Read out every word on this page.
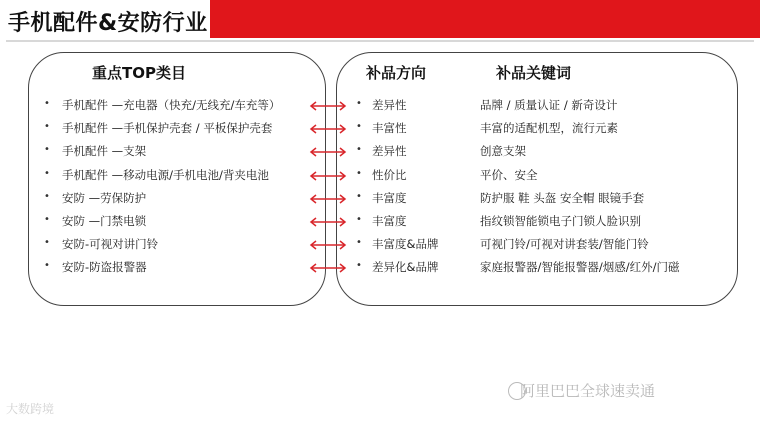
手机配件&安防行业
重点TOP类目	补品方向	补品关键词
• 手机配件 —充电器（快充/无线充/车充等）	• 差异性	品牌 / 质量认证 / 新奇设计
• 手机配件 —手机保护壳套 / 平板保护壳套	• 丰富性	丰富的适配机型，流行元素
• 手机配件 —支架	• 差异性	创意支架
• 手机配件 —移动电源/手机电池/背夹电池	• 性价比	平价、安全
• 安防 —劳保防护	• 丰富度	防护服 鞋 头盔 安全帽 眼镜手套
• 安防 —门禁电锁	• 丰富度	指纹锁智能锁电子门锁人脸识别
• 安防-可视对讲门铃	• 丰富度&品牌	可视门铃/可视对讲套装/智能门铃
• 安防-防盗报警器	• 差异化&品牌	家庭报警器/智能报警器/烟感/红外/门磁
阿里巴巴全球速卖通
大数跨境
